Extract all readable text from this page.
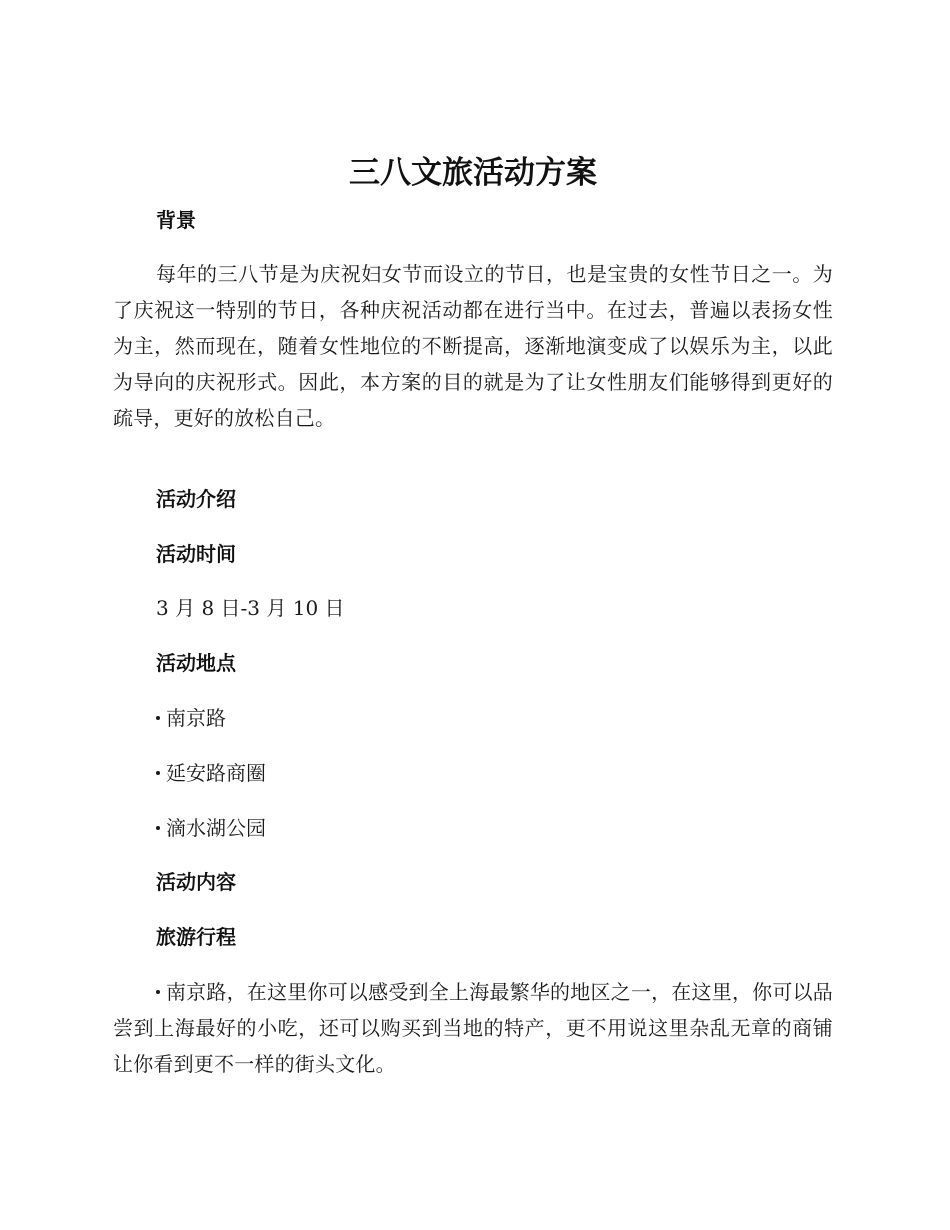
三八文旅活动方案
背景

每年的三八节是为庆祝妇女节而设立的节日，也是宝贵的女性节日之一。为了庆祝这一特别的节日，各种庆祝活动都在进行当中。在过去，普遍以表扬女性为主，然而现在，随着女性地位的不断提高，逐渐地演变成了以娱乐为主，以此为导向的庆祝形式。因此，本方案的目的就是为了让女性朋友们能够得到更好的疏导，更好的放松自己。

活动介绍
活动时间

3 月 8 日-3 月 10 日

活动地点

南京路

延安路商圈

滴水湖公园

活动内容
旅游行程

南京路，在这里你可以感受到全上海最繁华的地区之一，在这里，你可以品尝到上海最好的小吃，还可以购买到当地的特产，更不用说这里杂乱无章的商铺让你看到更不一样的街头文化。
